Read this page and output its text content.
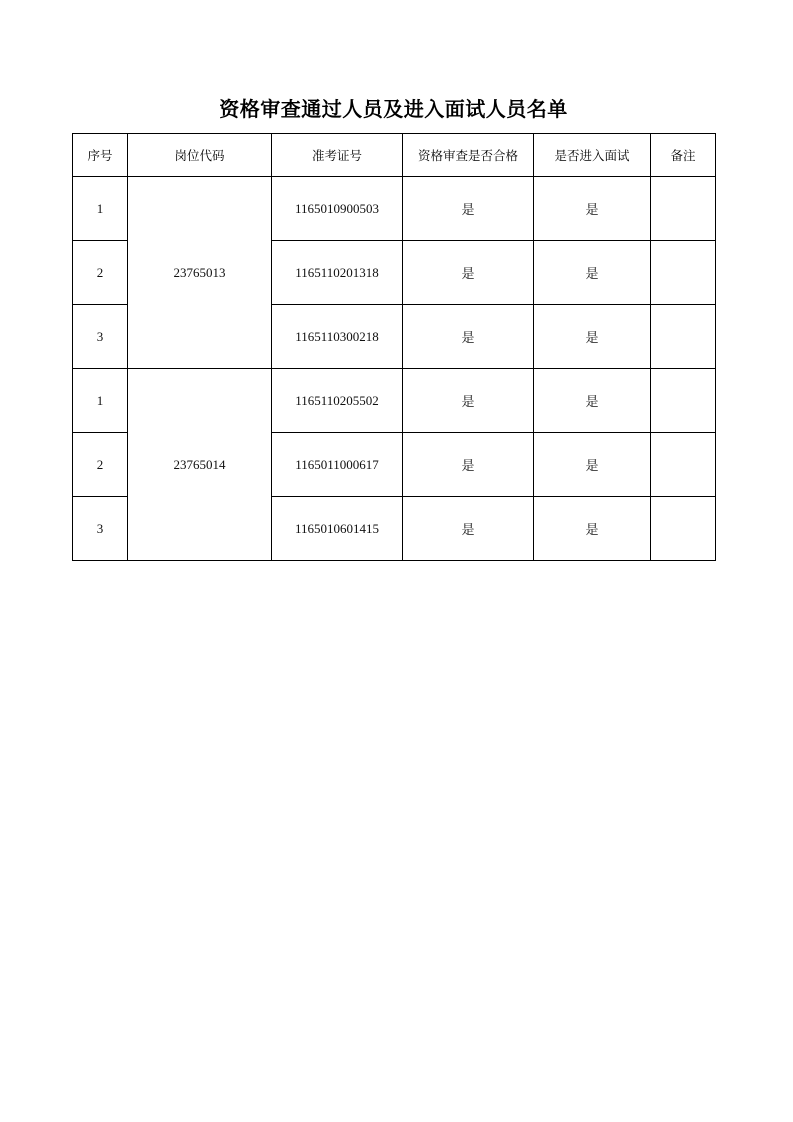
资格审查通过人员及进入面试人员名单
序号	岗位代码	准考证号	资格审查是否合格	是否进入面试	备注
1	23765013	1165010900503	是	是	
2		1165110201318	是	是	
3		1165110300218	是	是	
1	23765014	1165110205502	是	是	
2		1165011000617	是	是	
3		1165010601415	是	是	
